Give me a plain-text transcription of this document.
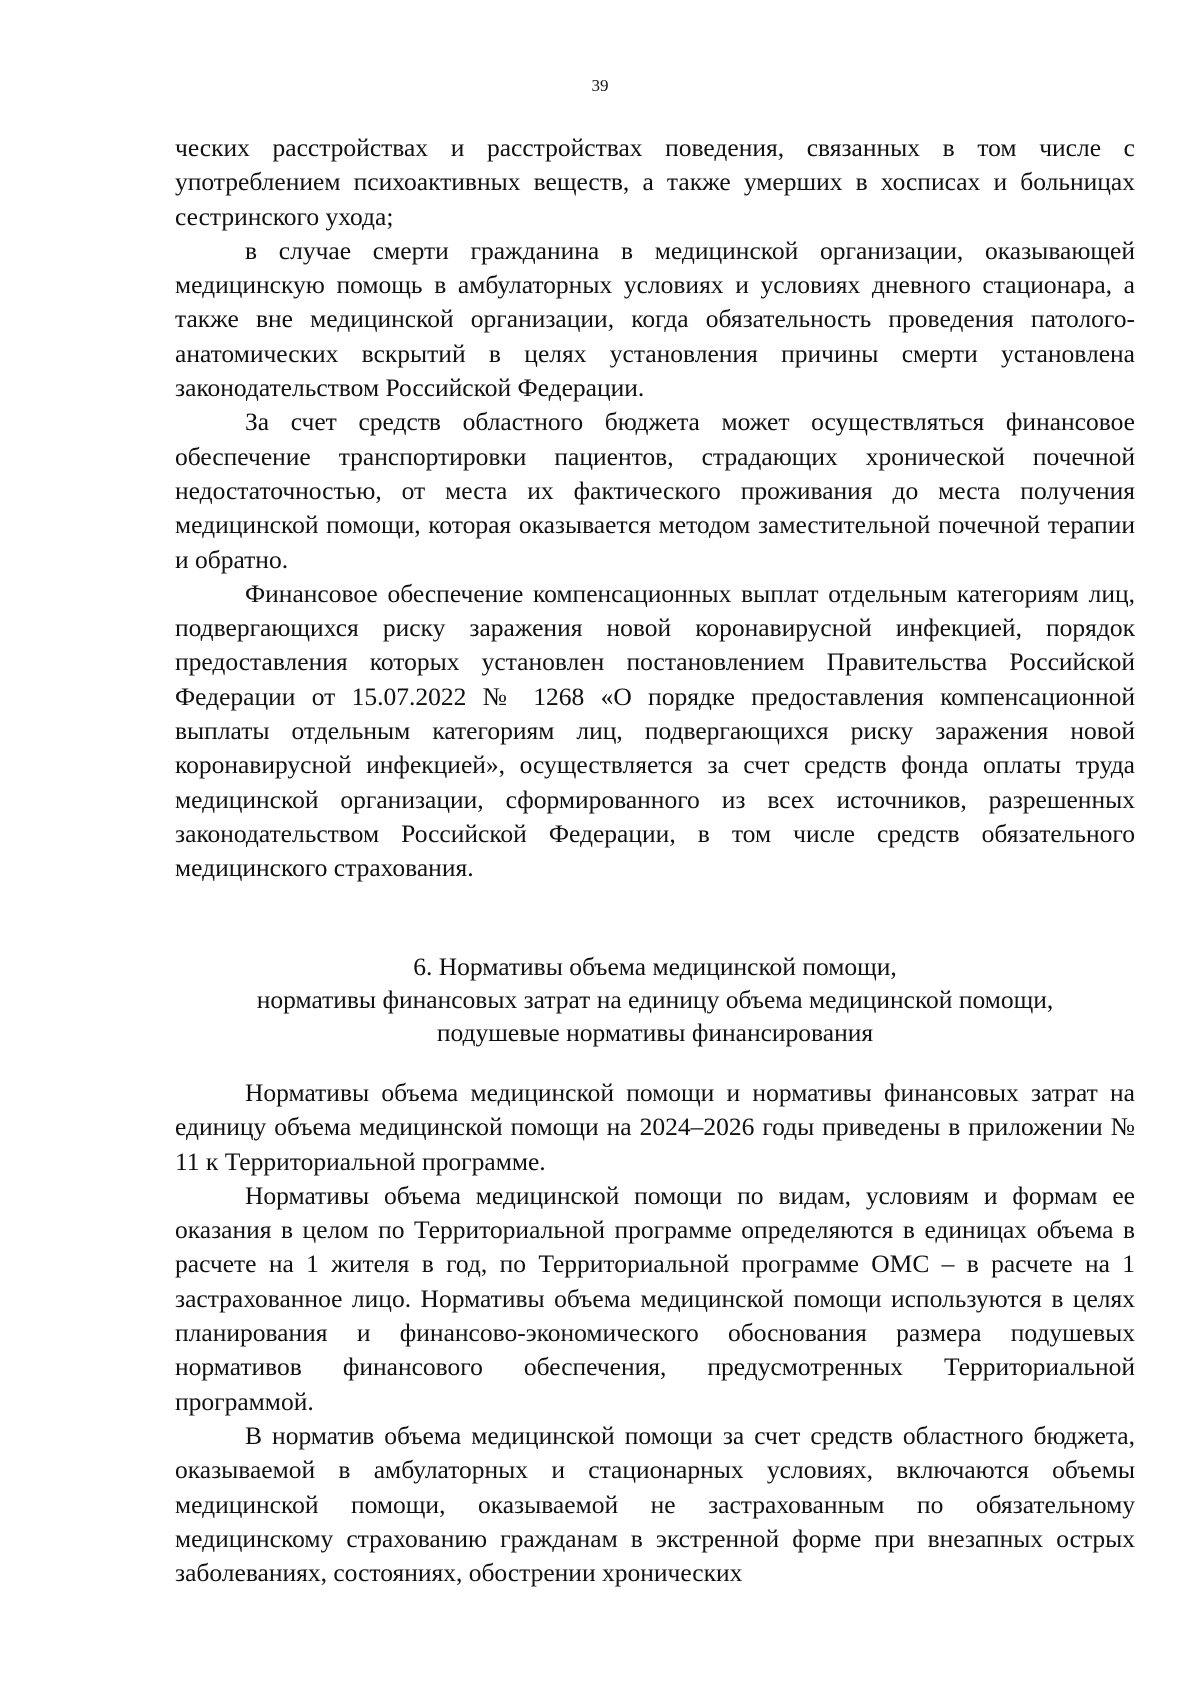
39

ческих расстройствах и расстройствах поведения, связанных в том числе с употреблением психоактивных веществ, а также умерших в хосписах и больницах сестринского ухода;

в случае смерти гражданина в медицинской организации, оказывающей медицинскую помощь в амбулаторных условиях и условиях дневного стационара, а также вне медицинской организации, когда обязательность проведения патолого-анатомических вскрытий в целях установления причины смерти установлена законодательством Российской Федерации.

За счет средств областного бюджета может осуществляться финансовое обеспечение транспортировки пациентов, страдающих хронической почечной недостаточностью, от места их фактического проживания до места получения медицинской помощи, которая оказывается методом заместительной почечной терапии и обратно.

Финансовое обеспечение компенсационных выплат отдельным категориям лиц, подвергающихся риску заражения новой коронавирусной инфекцией, порядок предоставления которых установлен постановлением Правительства Российской Федерации от 15.07.2022 № 1268 «О порядке предоставления компенсационной выплаты отдельным категориям лиц, подвергающихся риску заражения новой коронавирусной инфекцией», осуществляется за счет средств фонда оплаты труда медицинской организации, сформированного из всех источников, разрешенных законодательством Российской Федерации, в том числе средств обязательного медицинского страхования.

6. Нормативы объема медицинской помощи,
нормативы финансовых затрат на единицу объема медицинской помощи,
подушевые нормативы финансирования

Нормативы объема медицинской помощи и нормативы финансовых затрат на единицу объема медицинской помощи на 2024–2026 годы приведены в приложении № 11 к Территориальной программе.

Нормативы объема медицинской помощи по видам, условиям и формам ее оказания в целом по Территориальной программе определяются в единицах объема в расчете на 1 жителя в год, по Территориальной программе ОМС – в расчете на 1 застрахованное лицо. Нормативы объема медицинской помощи используются в целях планирования и финансово-экономического обоснования размера подушевых нормативов финансового обеспечения, предусмотренных Территориальной программой.

В норматив объема медицинской помощи за счет средств областного бюджета, оказываемой в амбулаторных и стационарных условиях, включаются объемы медицинской помощи, оказываемой не застрахованным по обязательному медицинскому страхованию гражданам в экстренной форме при внезапных острых заболеваниях, состояниях, обострении хронических
